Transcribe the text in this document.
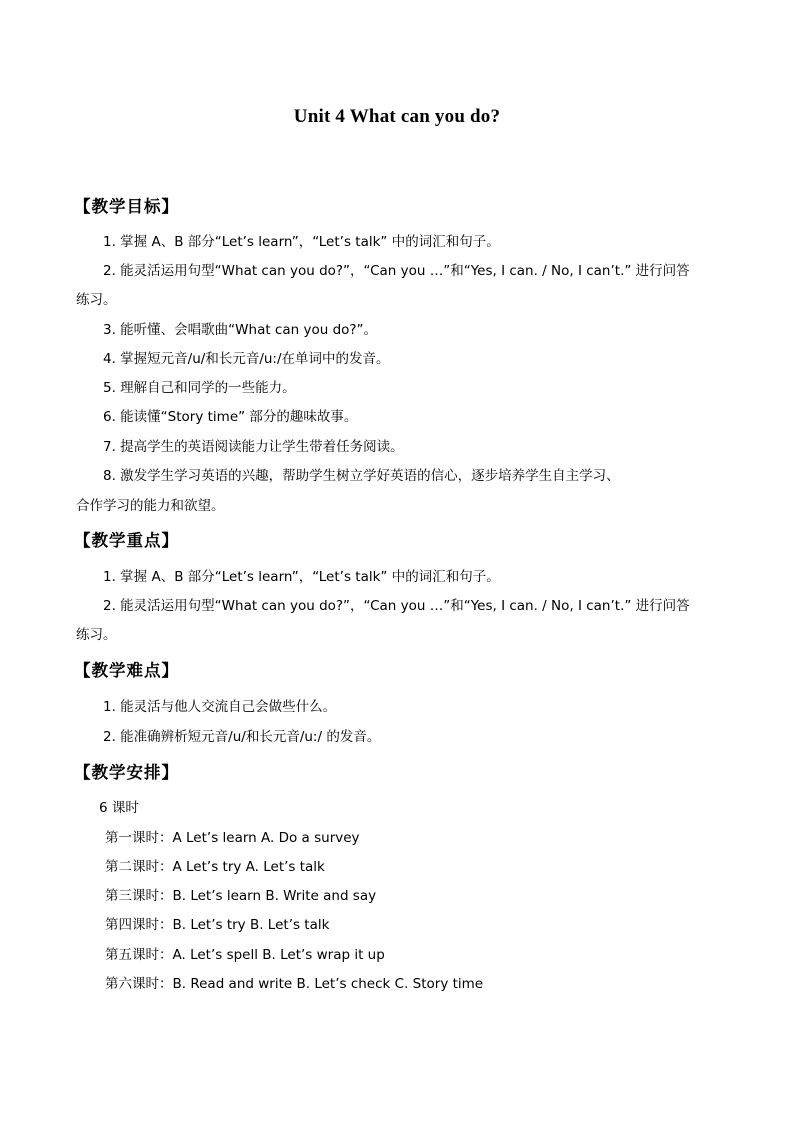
Unit 4 What can you do?
【教学目标】
1. 掌握 A、B 部分“Let’s learn”，“Let’s talk” 中的词汇和句子。
2. 能灵活运用句型“What can you do?”，“Can you …”和“Yes, I can. / No, I can’t.” 进行问答
练习。
3. 能听懂、会唱歌曲“What can you do?”。
4. 掌握短元音/u/和长元音/u:/在单词中的发音。
5. 理解自己和同学的一些能力。
6. 能读懂“Story time” 部分的趣味故事。
7. 提高学生的英语阅读能力让学生带着任务阅读。
8. 激发学生学习英语的兴趣，帮助学生树立学好英语的信心，逐步培养学生自主学习、
合作学习的能力和欲望。
【教学重点】
1. 掌握 A、B 部分“Let’s learn”，“Let’s talk” 中的词汇和句子。
2. 能灵活运用句型“What can you do?”，“Can you …”和“Yes, I can. / No, I can’t.” 进行问答
练习。
【教学难点】
1. 能灵活与他人交流自己会做些什么。
2. 能准确辨析短元音/u/和长元音/u:/ 的发音。
【教学安排】
6 课时
第一课时：A Let’s learn A. Do a survey
第二课时：A Let’s try A. Let’s talk
第三课时：B. Let’s learn B. Write and say
第四课时：B. Let’s try B. Let’s talk
第五课时：A. Let’s spell B. Let’s wrap it up
第六课时：B. Read and write B. Let’s check C. Story time
